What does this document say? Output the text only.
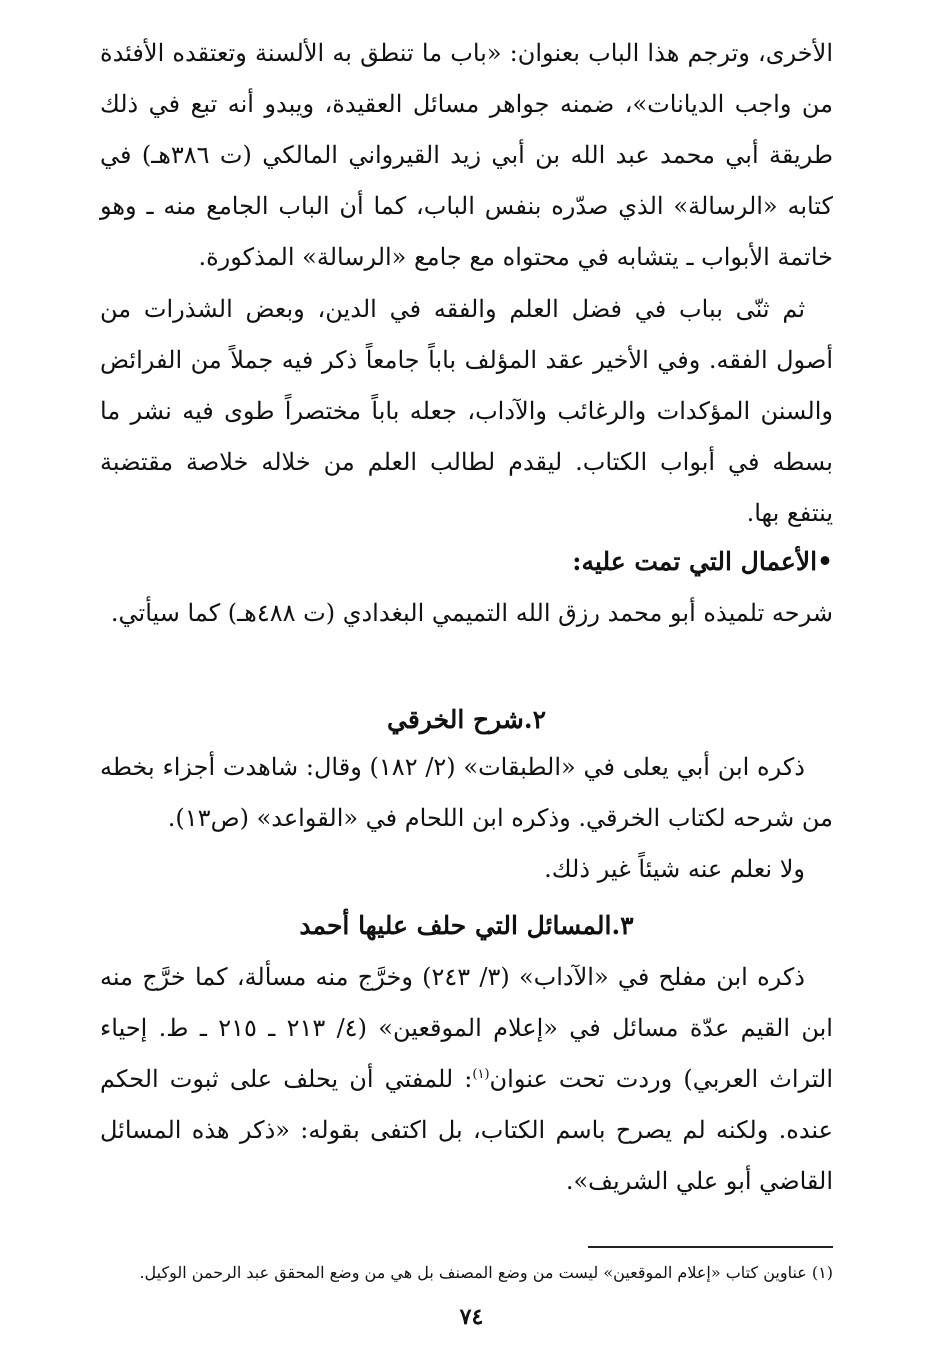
الأخرى، وترجم هذا الباب بعنوان: «باب ما تنطق به الألسنة وتعتقده الأفئدة من واجب الديانات»، ضمنه جواهر مسائل العقيدة، ويبدو أنه تبع في ذلك طريقة أبي محمد عبد الله بن أبي زيد القيرواني المالكي (ت ٣٨٦هـ) في كتابه «الرسالة» الذي صدّره بنفس الباب، كما أن الباب الجامع منه ـ وهو خاتمة الأبواب ـ يتشابه في محتواه مع جامع «الرسالة» المذكورة.

ثم ثنّى بباب في فضل العلم والفقه في الدين، وبعض الشذرات من أصول الفقه. وفي الأخير عقد المؤلف باباً جامعاً ذكر فيه جملاً من الفرائض والسنن المؤكدات والرغائب والآداب، جعله باباً مختصراً طوى فيه نشر ما بسطه في أبواب الكتاب. ليقدم لطالب العلم من خلاله خلاصة مقتضبة ينتفع بها.

•الأعمال التي تمت عليه:

شرحه تلميذه أبو محمد رزق الله التميمي البغدادي (ت ٤٨٨هـ) كما سيأتي.

٢.شرح الخرقي

ذكره ابن أبي يعلى في «الطبقات» (٢/ ١٨٢) وقال: شاهدت أجزاء بخطه من شرحه لكتاب الخرقي. وذكره ابن اللحام في «القواعد» (ص١٣).

ولا نعلم عنه شيئاً غير ذلك.

٣.المسائل التي حلف عليها أحمد

ذكره ابن مفلح في «الآداب» (٣/ ٢٤٣) وخرَّج منه مسألة، كما خرَّج منه ابن القيم عدّة مسائل في «إعلام الموقعين» (٤/ ٢١٣ ـ ٢١٥ ـ ط. إحياء التراث العربي) وردت تحت عنوان$^{(١)}$: للمفتي أن يحلف على ثبوت الحكم عنده. ولكنه لم يصرح باسم الكتاب، بل اكتفى بقوله: «ذكر هذه المسائل القاضي أبو علي الشريف».

(١) عناوين كتاب «إعلام الموقعين» ليست من وضع المصنف بل هي من وضع المحقق عبد الرحمن الوكيل.
٧٤
